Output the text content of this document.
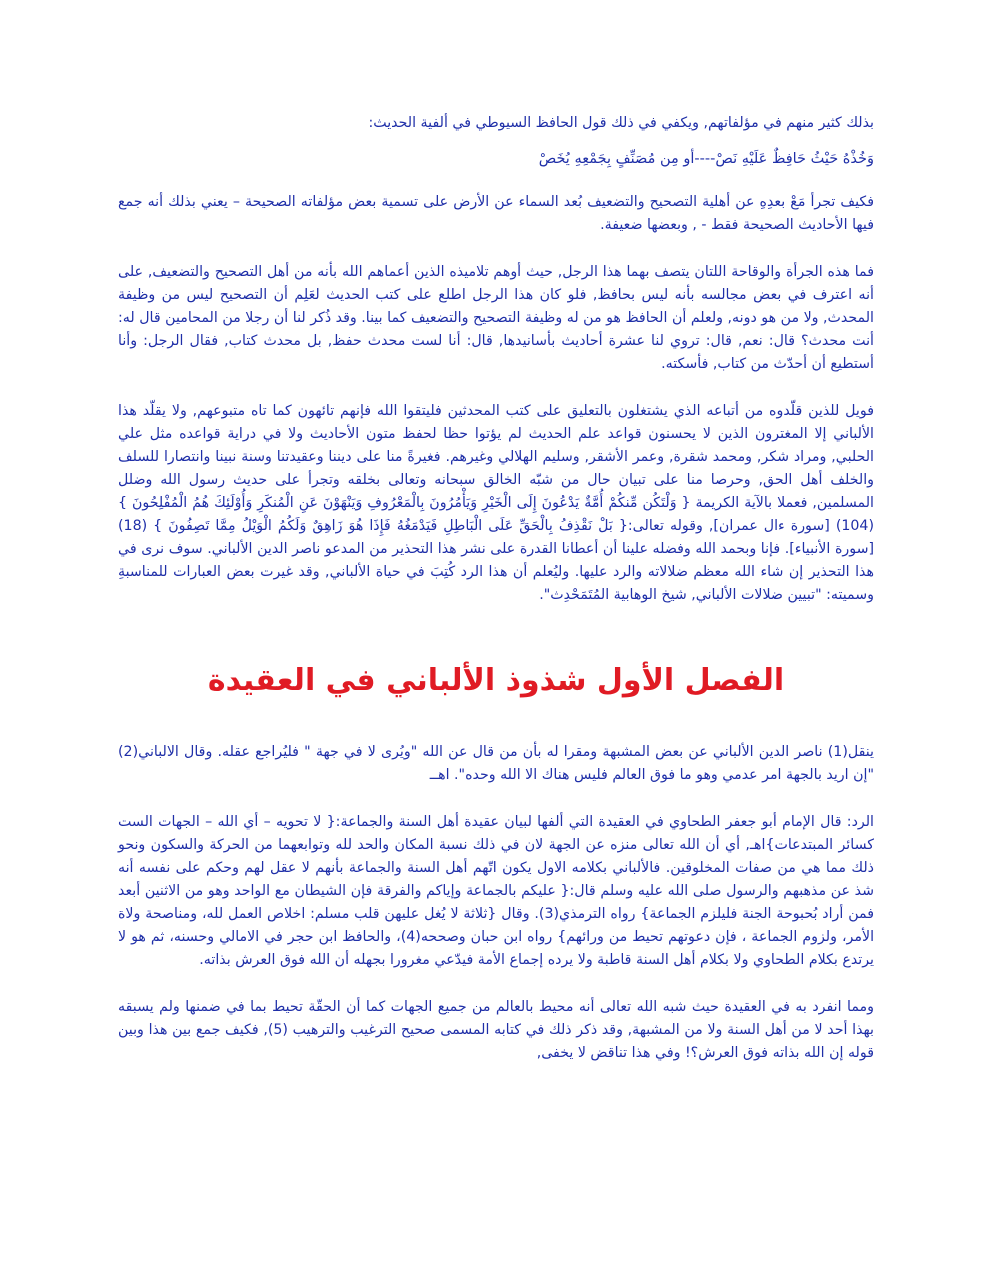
بذلك كثير منهم في مؤلفاتهم, ويكفي في ذلك قول الحافظ السيوطي في ألفية الحديث:

وَخُذْهُ حَيْثُ حَافِظٌ عَلَيْهِ نَصْ----أو مِن مُصَنِّفٍ بِجَمْعِهِ يُخَصْ

فكيف تجرأ مَعْ بعدِهِ عن أهلية التصحيح والتضعيف بُعد السماء عن الأرض على تسمية بعض مؤلفاته الصحيحة – يعني بذلك أنه جمع فيها الأحاديث الصحيحة فقط - , وبعضها ضعيفة.

فما هذه الجرأة والوقاحة اللتان يتصف بهما هذا الرجل, حيث أوهم تلاميذه الذين أعماهم الله بأنه من أهل التصحيح والتضعيف, على أنه اعترف في بعض مجالسه بأنه ليس بحافظ, فلو كان هذا الرجل اطلع على كتب الحديث لعَلِم أن التصحيح ليس من وظيفة المحدث, ولا من هو دونه, ولعلم أن الحافظ هو من له وظيفة التصحيح والتضعيف كما بينا. وقد ذُكر لنا أن رجلا من المحامين قال له: أنت محدث؟ قال: نعم, قال: تروي لنا عشرة أحاديث بأسانيدها, قال: أنا لست محدث حفظ, بل محدث كتاب, فقال الرجل: وأنا أستطيع أن أحدّث من كتاب, فأسكته.

فويل للذين قلّدوه من أتباعه الذي يشتغلون بالتعليق على كتب المحدثين فليتقوا الله فإنهم تائهون كما تاه متبوعهم, ولا يقلّد هذا الألباني إلا المغترون الذين لا يحسنون قواعد علم الحديث لم يؤتوا حظا لحفظ متون الأحاديث ولا في دراية قواعده مثل علي الحلبي, ومراد شكر, ومحمد شقرة, وعمر الأشقر, وسليم الهلالي وغيرهم. فغيرةً منا على ديننا وعقيدتنا وسنة نبينا وانتصارا للسلف والخلف أهل الحق, وحرصا منا على تبيان حال من شبّه الخالق سبحانه وتعالى بخلقه وتجرأ على حديث رسول الله وضلل المسلمين, فعملا بالآية الكريمة { وَلْتَكُن مِّنكُمْ أُمَّةٌ يَدْعُونَ إِلَى الْخَيْرِ وَيَأْمُرُونَ بِالْمَعْرُوفِ وَيَنْهَوْنَ عَنِ الْمُنكَرِ وَأُوْلَئِكَ هُمُ الْمُفْلِحُونَ } (104) [سورة ءال عمران], وقوله تعالى:{ بَلْ نَقْذِفُ بِالْحَقِّ عَلَى الْبَاطِلِ فَيَدْمَغُهُ فَإِذَا هُوَ زَاهِقٌ وَلَكُمُ الْوَيْلُ مِمَّا تَصِفُونَ } (18) [سورة الأنبياء]. فإنا وبحمد الله وفضله علينا أن أعطانا القدرة على نشر هذا التحذير من المدعو ناصر الدين الألباني. سوف نرى في هذا التحذير إن شاء الله معظم ضلالاته والرد عليها. وليُعلم أن هذا الرد كُتِبَ في حياة الألباني, وقد غيرت بعض العبارات للمناسبةِ وسميته: "تبيين ضلالات الألباني, شيخ الوهابية المُتَمَحْدِث".

الفصل الأول شذوذ الألباني في العقيدة

ينقل(1) ناصر الدين الألباني عن بعض المشبهة ومقرا له بأن من قال عن الله "ويُرى لا في جهة " فليُراجع عقله. وقال الالباني(2) "إن اريد بالجهة امر عدمي وهو ما فوق العالم فليس هناك الا الله وحده". اهــ

الرد: قال الإمام أبو جعفر الطحاوي في العقيدة التي ألفها لبيان عقيدة أهل السنة والجماعة:{ لا تحويه – أي الله – الجهات الست كسائر المبتدعات}اهـ, أي أن الله تعالى منزه عن الجهة لان في ذلك نسبة المكان والحد لله وتوابعهما من الحركة والسكون ونحو ذلك مما هي من صفات المخلوقين. فالألباني بكلامه الاول يكون اتّهم أهل السنة والجماعة بأنهم لا عقل لهم وحكم على نفسه أنه شذ عن مذهبهم والرسول صلى الله عليه وسلم قال:{ عليكم بالجماعة وإياكم والفرقة فإن الشيطان مع الواحد وهو من الاثنين أبعد فمن أراد بُحبوحة الجنة فليلزم الجماعة} رواه الترمذي(3). وقال {ثلاثة لا يُغل عليهن قلب مسلم: اخلاص العمل لله، ومناصحة ولاة الأمر، ولزوم الجماعة ، فإن دعوتهم تحيط من ورائهم} رواه ابن حبان وصححه(4)، والحافظ ابن حجر في الامالي وحسنه، ثم هو لا يرتدع بكلام الطحاوي ولا بكلام أهل السنة قاطبة ولا يرده إجماع الأمة فيدّعي مغرورا بجهله أن الله فوق العرش بذاته.

ومما انفرد به في العقيدة حيث شبه الله تعالى أنه محيط بالعالم من جميع الجهات كما أن الحقّة تحيط بما في ضمنها ولم يسبقه بهذا أحد لا من أهل السنة ولا من المشبهة, وقد ذكر ذلك في كتابه المسمى صحيح الترغيب والترهيب (5), فكيف جمع بين هذا وبين قوله إن الله بذاته فوق العرش؟! وفي هذا تناقض لا يخفى,
